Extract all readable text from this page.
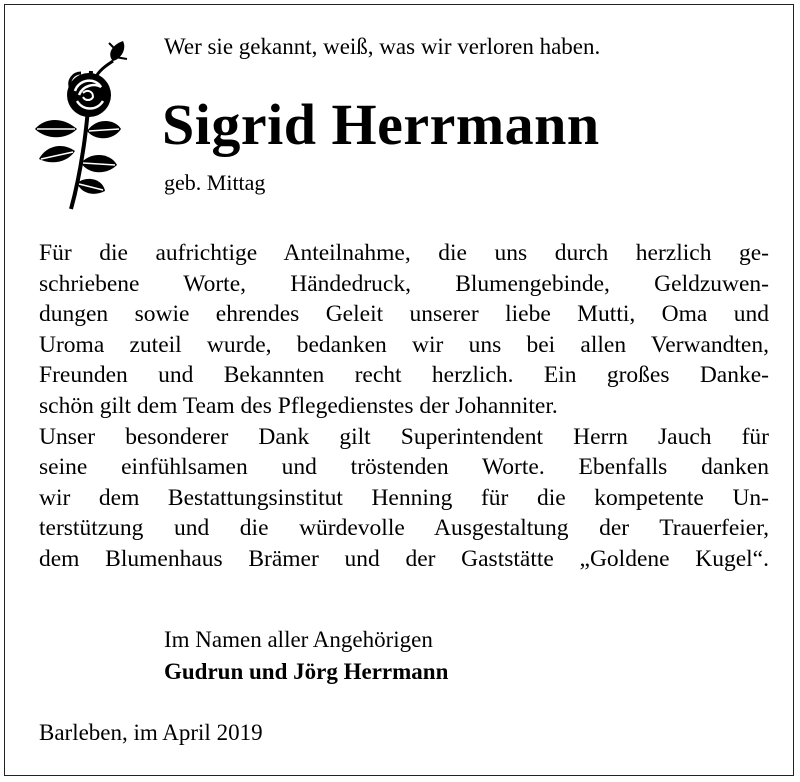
Wer sie gekannt, weiß, was wir verloren haben.
Sigrid Herrmann
geb. Mittag
Für die aufrichtige Anteilnahme, die uns durch herzlich ge-
schriebene Worte, Händedruck, Blumengebinde, Geldzuwen-
dungen sowie ehrendes Geleit unserer liebe Mutti, Oma und
Uroma zuteil wurde, bedanken wir uns bei allen Verwandten,
Freunden und Bekannten recht herzlich. Ein großes Danke-
schön gilt dem Team des Pflegedienstes der Johanniter.
Unser besonderer Dank gilt Superintendent Herrn Jauch für
seine einfühlsamen und tröstenden Worte. Ebenfalls danken
wir dem Bestattungsinstitut Henning für die kompetente Un-
terstützung und die würdevolle Ausgestaltung der Trauerfeier,
dem Blumenhaus Brämer und der Gaststätte „Goldene Kugel“.
Im Namen aller Angehörigen
Gudrun und Jörg Herrmann
Barleben, im April 2019
